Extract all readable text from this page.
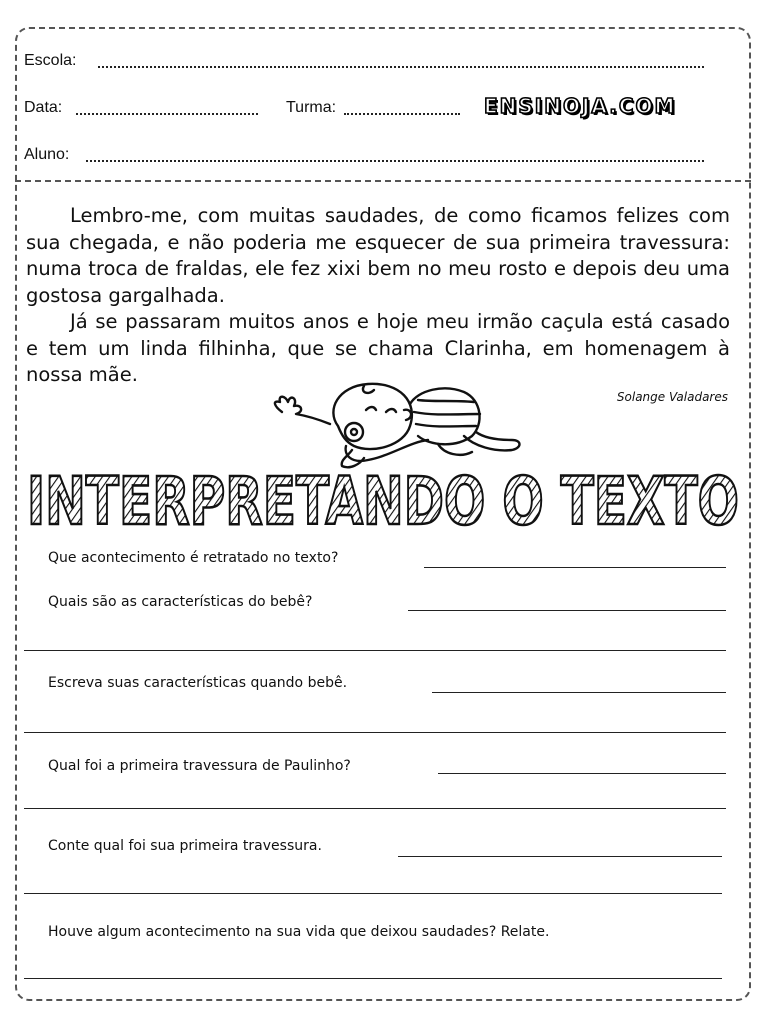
Escola:
Data:	Turma:	ENSINOJA.COM
Aluno:

Lembro-me, com muitas saudades, de como ficamos felizes com sua chegada, e não poderia me esquecer de sua primeira travessura: numa troca de fraldas, ele fez xixi bem no meu rosto e depois deu uma gostosa gargalhada.

Já se passaram muitos anos e hoje meu irmão caçula está casado e tem um linda filhinha, que se chama Clarinha, em homenagem à nossa mãe.

Solange Valadares
INTERPRETANDO O TEXTO
Que acontecimento é retratado no texto?
Quais são as características do bebê?
Escreva suas características quando bebê.
Qual foi a primeira travessura de Paulinho?
Conte qual foi sua primeira travessura.
Houve algum acontecimento na sua vida que deixou saudades? Relate.
